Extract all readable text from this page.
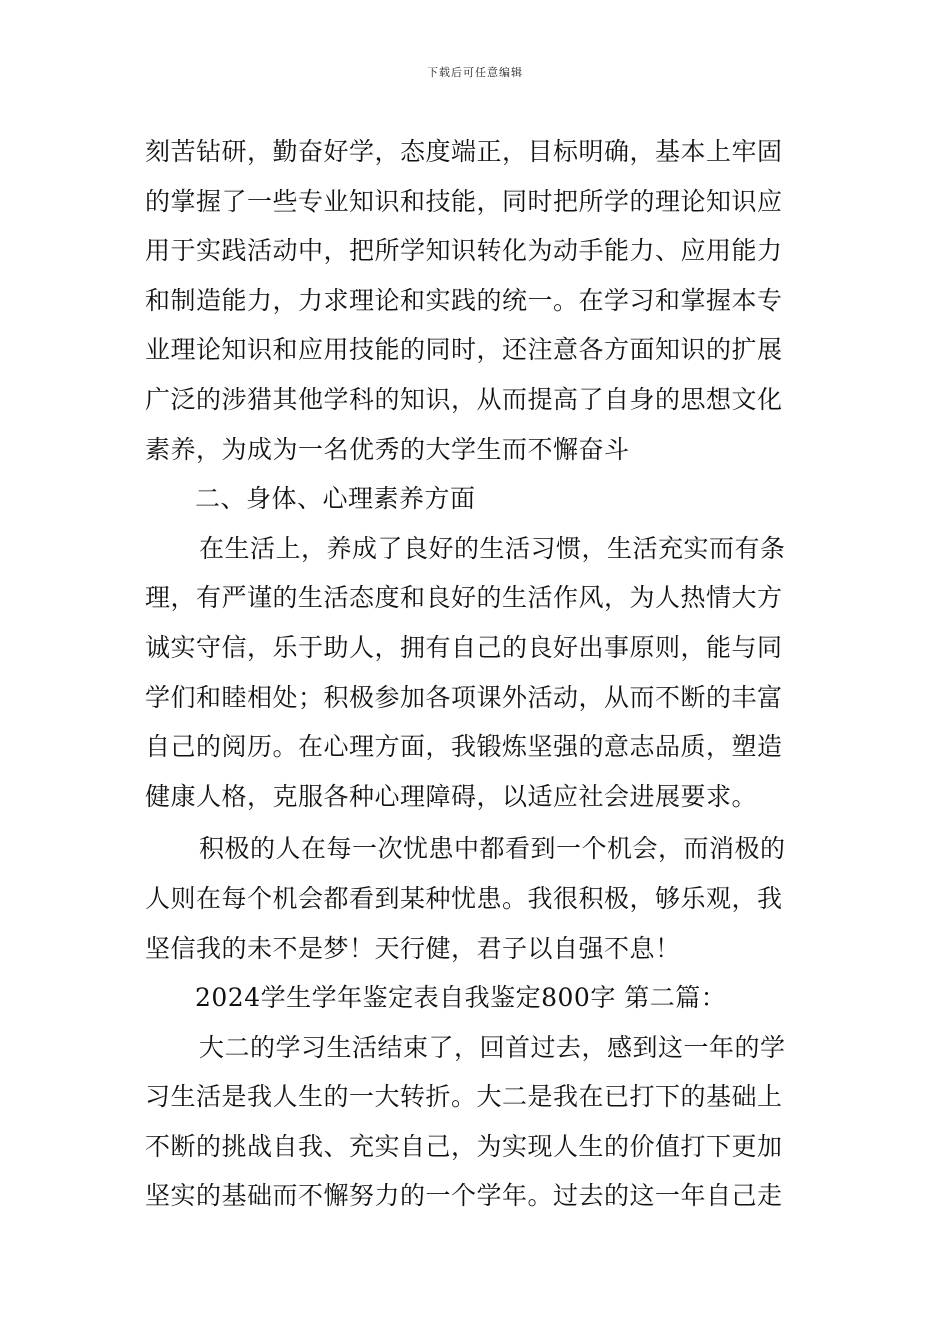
下载后可任意编辑
刻苦钻研，勤奋好学，态度端正，目标明确，基本上牢固
的掌握了一些专业知识和技能，同时把所学的理论知识应
用于实践活动中，把所学知识转化为动手能力、应用能力
和制造能力，力求理论和实践的统一。在学习和掌握本专
业理论知识和应用技能的同时，还注意各方面知识的扩展
广泛的涉猎其他学科的知识，从而提高了自身的思想文化
素养，为成为一名优秀的大学生而不懈奋斗
二、身体、心理素养方面
在生活上，养成了良好的生活习惯，生活充实而有条
理，有严谨的生活态度和良好的生活作风，为人热情大方
诚实守信，乐于助人，拥有自己的良好出事原则，能与同
学们和睦相处；积极参加各项课外活动，从而不断的丰富
自己的阅历。在心理方面，我锻炼坚强的意志品质，塑造
健康人格，克服各种心理障碍，以适应社会进展要求。
积极的人在每一次忧患中都看到一个机会，而消极的
人则在每个机会都看到某种忧患。我很积极，够乐观，我
坚信我的未不是梦！天行健，君子以自强不息！
2024学生学年鉴定表自我鉴定800字 第二篇：
大二的学习生活结束了，回首过去，感到这一年的学
习生活是我人生的一大转折。大二是我在已打下的基础上
不断的挑战自我、充实自己，为实现人生的价值打下更加
坚实的基础而不懈努力的一个学年。过去的这一年自己走
